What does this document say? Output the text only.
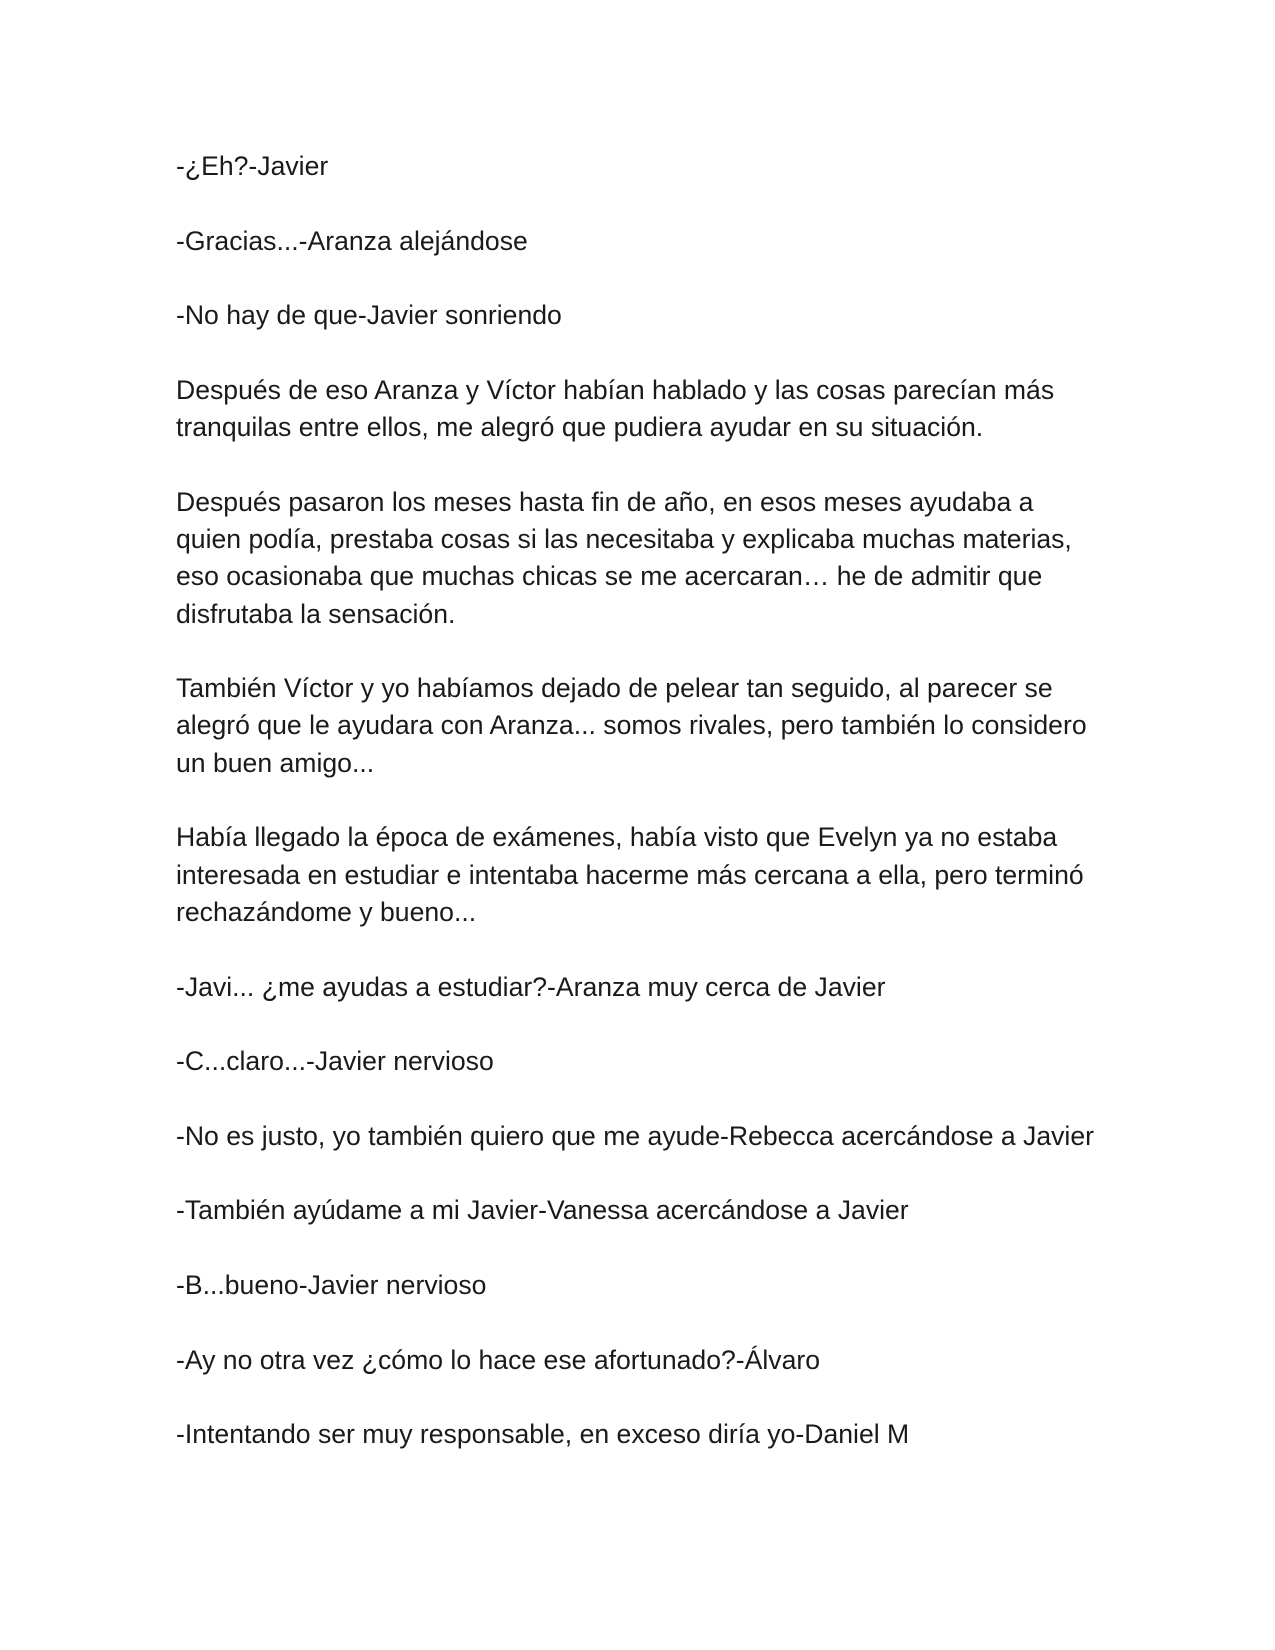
-¿Eh?-Javier

-Gracias...-Aranza alejándose

-No hay de que-Javier sonriendo

Después de eso Aranza y Víctor habían hablado y las cosas parecían más tranquilas entre ellos, me alegró que pudiera ayudar en su situación.

Después pasaron los meses hasta fin de año, en esos meses ayudaba a quien podía, prestaba cosas si las necesitaba y explicaba muchas materias, eso ocasionaba que muchas chicas se me acercaran… he de admitir que disfrutaba la sensación.

También Víctor y yo habíamos dejado de pelear tan seguido, al parecer se alegró que le ayudara con Aranza... somos rivales, pero también lo considero un buen amigo...

Había llegado la época de exámenes, había visto que Evelyn ya no estaba interesada en estudiar e intentaba hacerme más cercana a ella, pero terminó rechazándome y bueno...

-Javi... ¿me ayudas a estudiar?-Aranza muy cerca de Javier

-C...claro...-Javier nervioso

-No es justo, yo también quiero que me ayude-Rebecca acercándose a Javier

-También ayúdame a mi Javier-Vanessa acercándose a Javier

-B...bueno-Javier nervioso

-Ay no otra vez ¿cómo lo hace ese afortunado?-Álvaro

-Intentando ser muy responsable, en exceso diría yo-Daniel M
